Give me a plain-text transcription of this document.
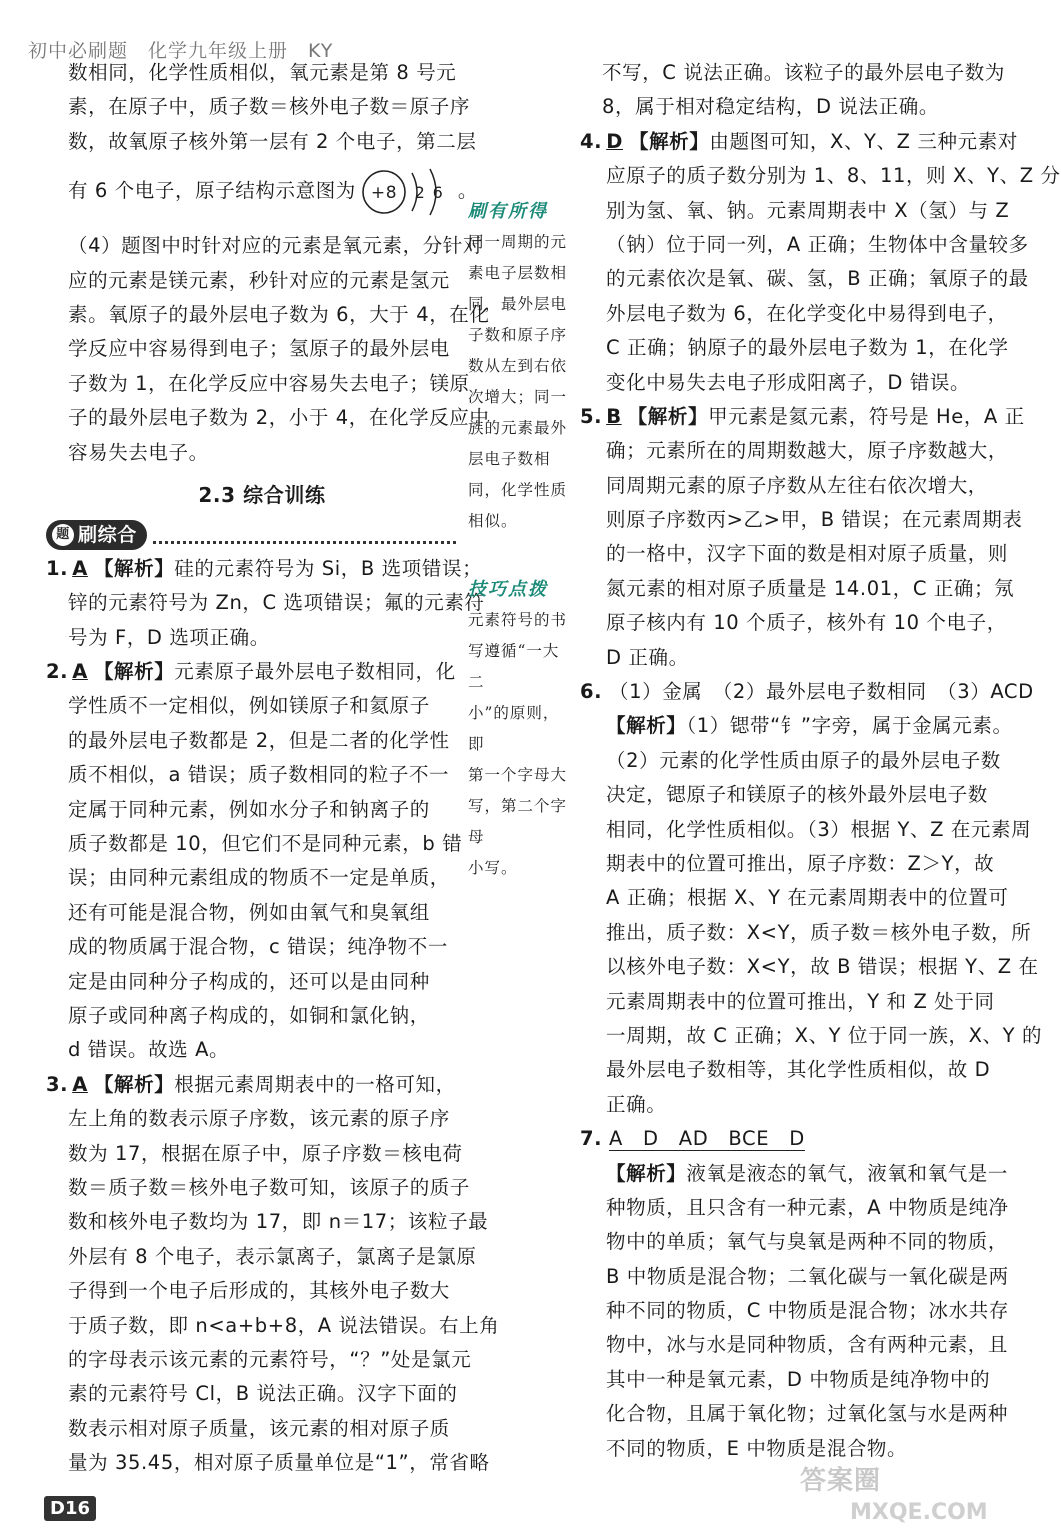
初中必刷题　化学九年级上册　KY
数相同，化学性质相似，氧元素是第 8 号元
素，在原子中，质子数＝核外电子数＝原子序
数，故氧原子核外第一层有 2 个电子，第二层
有 6 个电子，原子结构示意图为 +8 2 6 。
（4）题图中时针对应的元素是氧元素，分针对
应的元素是镁元素，秒针对应的元素是氢元
素。氧原子的最外层电子数为 6，大于 4，在化
学反应中容易得到电子；氢原子的最外层电
子数为 1，在化学反应中容易失去电子；镁原
子的最外层电子数为 2，小于 4，在化学反应中
容易失去电子。
2.3 综合训练
题 刷综合
1. A 【解析】硅的元素符号为 Si，B 选项错误；
锌的元素符号为 Zn，C 选项错误；氟的元素符
号为 F，D 选项正确。
2. A 【解析】元素原子最外层电子数相同，化
学性质不一定相似，例如镁原子和氦原子
的最外层电子数都是 2，但是二者的化学性
质不相似，a 错误；质子数相同的粒子不一
定属于同种元素，例如水分子和钠离子的
质子数都是 10，但它们不是同种元素，b 错
误；由同种元素组成的物质不一定是单质，
还有可能是混合物，例如由氧气和臭氧组
成的物质属于混合物，c 错误；纯净物不一
定是由同种分子构成的，还可以是由同种
原子或同种离子构成的，如铜和氯化钠，
d 错误。故选 A。
3. A 【解析】根据元素周期表中的一格可知，
左上角的数表示原子序数，该元素的原子序
数为 17，根据在原子中，原子序数＝核电荷
数＝质子数＝核外电子数可知，该原子的质子
数和核外电子数均为 17，即 n＝17；该粒子最
外层有 8 个电子，表示氯离子，氯离子是氯原
子得到一个电子后形成的，其核外电子数大
于质子数，即 n<a+b+8，A 说法错误。右上角
的字母表示该元素的元素符号，“？”处是氯元
素的元素符号 Cl，B 说法正确。汉字下面的
数表示相对原子质量，该元素的相对原子质
量为 35.45，相对原子质量单位是“1”，常省略
刷有所得
同一周期的元
素电子层数相
同，最外层电
子数和原子序
数从左到右依
次增大；同一
族的元素最外
层电子数相
同，化学性质
相似。
技巧点拨
元素符号的书
写遵循“一大二
小”的原则，即
第一个字母大
写，第二个字母
小写。
不写，C 说法正确。该粒子的最外层电子数为
8，属于相对稳定结构，D 说法正确。
4. D 【解析】由题图可知，X、Y、Z 三种元素对
应原子的质子数分别为 1、8、11，则 X、Y、Z 分
别为氢、氧、钠。元素周期表中 X（氢）与 Z
（钠）位于同一列，A 正确；生物体中含量较多
的元素依次是氧、碳、氢，B 正确；氧原子的最
外层电子数为 6，在化学变化中易得到电子，
C 正确；钠原子的最外层电子数为 1，在化学
变化中易失去电子形成阳离子，D 错误。
5. B 【解析】甲元素是氦元素，符号是 He，A 正
确；元素所在的周期数越大，原子序数越大，
同周期元素的原子序数从左往右依次增大，
则原子序数丙>乙>甲，B 错误；在元素周期表
的一格中，汉字下面的数是相对原子质量，则
氮元素的相对原子质量是 14.01，C 正确；氖
原子核内有 10 个质子，核外有 10 个电子，
D 正确。
6. （1）金属　（2）最外层电子数相同　（3）ACD
【解析】（1）锶带“钅”字旁，属于金属元素。
（2）元素的化学性质由原子的最外层电子数
决定，锶原子和镁原子的核外最外层电子数
相同，化学性质相似。（3）根据 Y、Z 在元素周
期表中的位置可推出，原子序数：Z＞Y，故
A 正确；根据 X、Y 在元素周期表中的位置可
推出，质子数：X<Y，质子数＝核外电子数，所
以核外电子数：X<Y，故 B 错误；根据 Y、Z 在
元素周期表中的位置可推出，Y 和 Z 处于同
一周期，故 C 正确；X、Y 位于同一族，X、Y 的
最外层电子数相等，其化学性质相似，故 D
正确。
7. A　D　AD　BCE　D
【解析】液氧是液态的氧气，液氧和氧气是一
种物质，且只含有一种元素，A 中物质是纯净
物中的单质；氧气与臭氧是两种不同的物质，
B 中物质是混合物；二氧化碳与一氧化碳是两
种不同的物质，C 中物质是混合物；冰水共存
物中，冰与水是同种物质，含有两种元素，且
其中一种是氧元素，D 中物质是纯净物中的
化合物，且属于氧化物；过氧化氢与水是两种
不同的物质，E 中物质是混合物。
D16
答案圈
MXQE.COM
